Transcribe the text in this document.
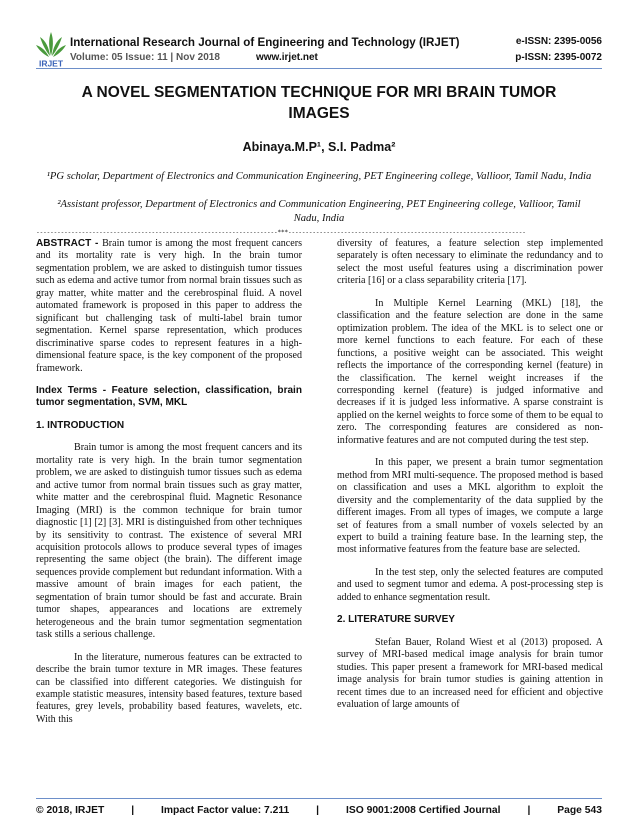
IRJET
International Research Journal of Engineering and Technology (IRJET)
Volume: 05 Issue: 11 | Nov 2018	www.irjet.net
e-ISSN: 2395-0056
p-ISSN: 2395-0072
A NOVEL SEGMENTATION TECHNIQUE FOR MRI BRAIN TUMOR IMAGES
Abinaya.M.P¹, S.I. Padma²
¹PG scholar, Department of Electronics and Communication Engineering, PET Engineering college, Vallioor, Tamil Nadu, India
²Assistant professor, Department of Electronics and Communication Engineering, PET Engineering college, Vallioor, Tamil Nadu, India
---------------------------------------------------------------------***--------------------------------------------------------------------

ABSTRACT - Brain tumor is among the most frequent cancers and its mortality rate is very high. In the brain tumor segmentation problem, we are asked to distinguish tumor tissues such as edema and active tumor from normal brain tissues such as gray matter, white matter and the cerebrospinal fluid. A novel automated framework is proposed in this paper to address the significant but challenging task of multi-label brain tumor segmentation. Kernel sparse representation, which produces discriminative sparse codes to represent features in a high-dimensional feature space, is the key component of the proposed framework.

Index Terms - Feature selection, classification, brain tumor segmentation, SVM, MKL

1. INTRODUCTION

Brain tumor is among the most frequent cancers and its mortality rate is very high. In the brain tumor segmentation problem, we are asked to distinguish tumor tissues such as edema and active tumor from normal brain tissues such as gray matter, white matter and the cerebrospinal fluid. Magnetic Resonance Imaging (MRI) is the common technique for brain tumor diagnostic [1] [2] [3]. MRI is distinguished from other techniques by its sensitivity to contrast. The existence of several MRI acquisition protocols allows to produce several types of images representing the same object (the brain). The different image sequences provide complement but redundant information. With a massive amount of brain images for each patient, the segmentation of brain tumor should be fast and accurate. Brain tumor shapes, appearances and locations are extremely heterogeneous and the brain tumor segmentation segmentation task stills a serious challenge.

In the literature, numerous features can be extracted to describe the brain tumor texture in MR images. These features can be classified into different categories. We distinguish for example statistic measures, intensity based features, texture based features, grey levels, probability based features, wavelets, etc. With this

diversity of features, a feature selection step implemented separately is often necessary to eliminate the redundancy and to select the most useful features using a discrimination power criteria [16] or a class separability criteria [17].

In Multiple Kernel Learning (MKL) [18], the classification and the feature selection are done in the same optimization problem. The idea of the MKL is to select one or more kernel functions to each feature. For each of these functions, a positive weight can be associated. This weight reflects the importance of the corresponding kernel (feature) in the classification. The kernel weight increases if the corresponding kernel (feature) is judged informative and decreases if it is judged less informative. A sparse constraint is applied on the kernel weights to force some of them to be equal to zero. The corresponding features are considered as non-informative features and are not computed during the test step.

In this paper, we present a brain tumor segmentation method from MRI multi-sequence. The proposed method is based on classification and uses a MKL algorithm to exploit the diversity and the complementarity of the data supplied by the different images. From all types of images, we compute a large set of features from a small number of voxels selected by an expert to build a training feature base. In the learning step, the most informative features from the feature base are selected.

In the test step, only the selected features are computed and used to segment tumor and edema. A post-processing step is added to enhance segmentation result.

2. LITERATURE SURVEY

Stefan Bauer, Roland Wiest et al (2013) proposed. A survey of MRI-based medical image analysis for brain tumor studies. This paper present a framework for MRI-based medical image analysis for brain tumor studies is gaining attention in recent times due to an increased need for efficient and objective evaluation of large amounts of

© 2018, IRJET	|	Impact Factor value: 7.211	|	ISO 9001:2008 Certified Journal	|	Page 543
